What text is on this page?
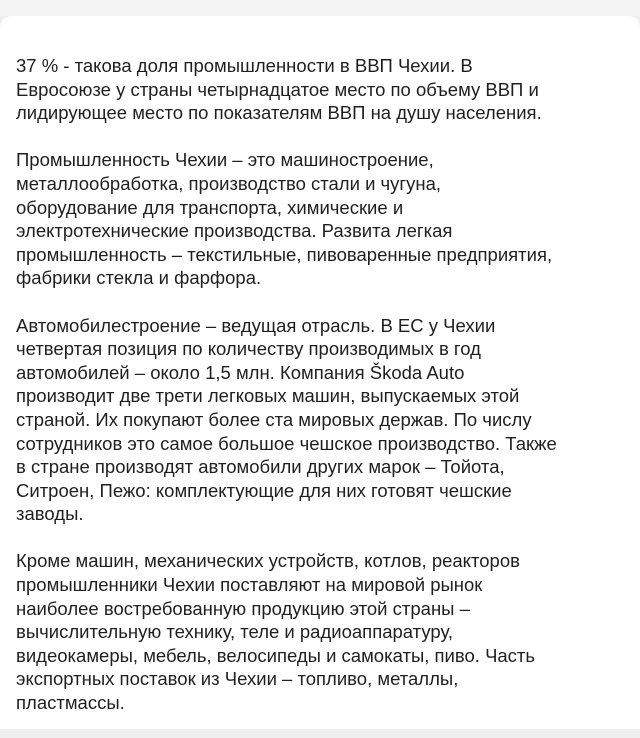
37 % - такова доля промышленности в ВВП Чехии. В
Евросоюзе у страны четырнадцатое место по объему ВВП и
лидирующее место по показателям ВВП на душу населения.

Промышленность Чехии – это машиностроение,
металлообработка, производство стали и чугуна,
оборудование для транспорта, химические и
электротехнические производства. Развита легкая
промышленность – текстильные, пивоваренные предприятия,
фабрики стекла и фарфора.

Автомобилестроение – ведущая отрасль. В ЕС у Чехии
четвертая позиция по количеству производимых в год
автомобилей – около 1,5 млн. Компания Škoda Auto
производит две трети легковых машин, выпускаемых этой
страной. Их покупают более ста мировых держав. По числу
сотрудников это самое большое чешское производство. Также
в стране производят автомобили других марок – Тойота,
Ситроен, Пежо: комплектующие для них готовят чешские
заводы.

Кроме машин, механических устройств, котлов, реакторов
промышленники Чехии поставляют на мировой рынок
наиболее востребованную продукцию этой страны –
вычислительную технику, теле и радиоаппаратуру,
видеокамеры, мебель, велосипеды и самокаты, пиво. Часть
экспортных поставок из Чехии – топливо, металлы,
пластмассы.
